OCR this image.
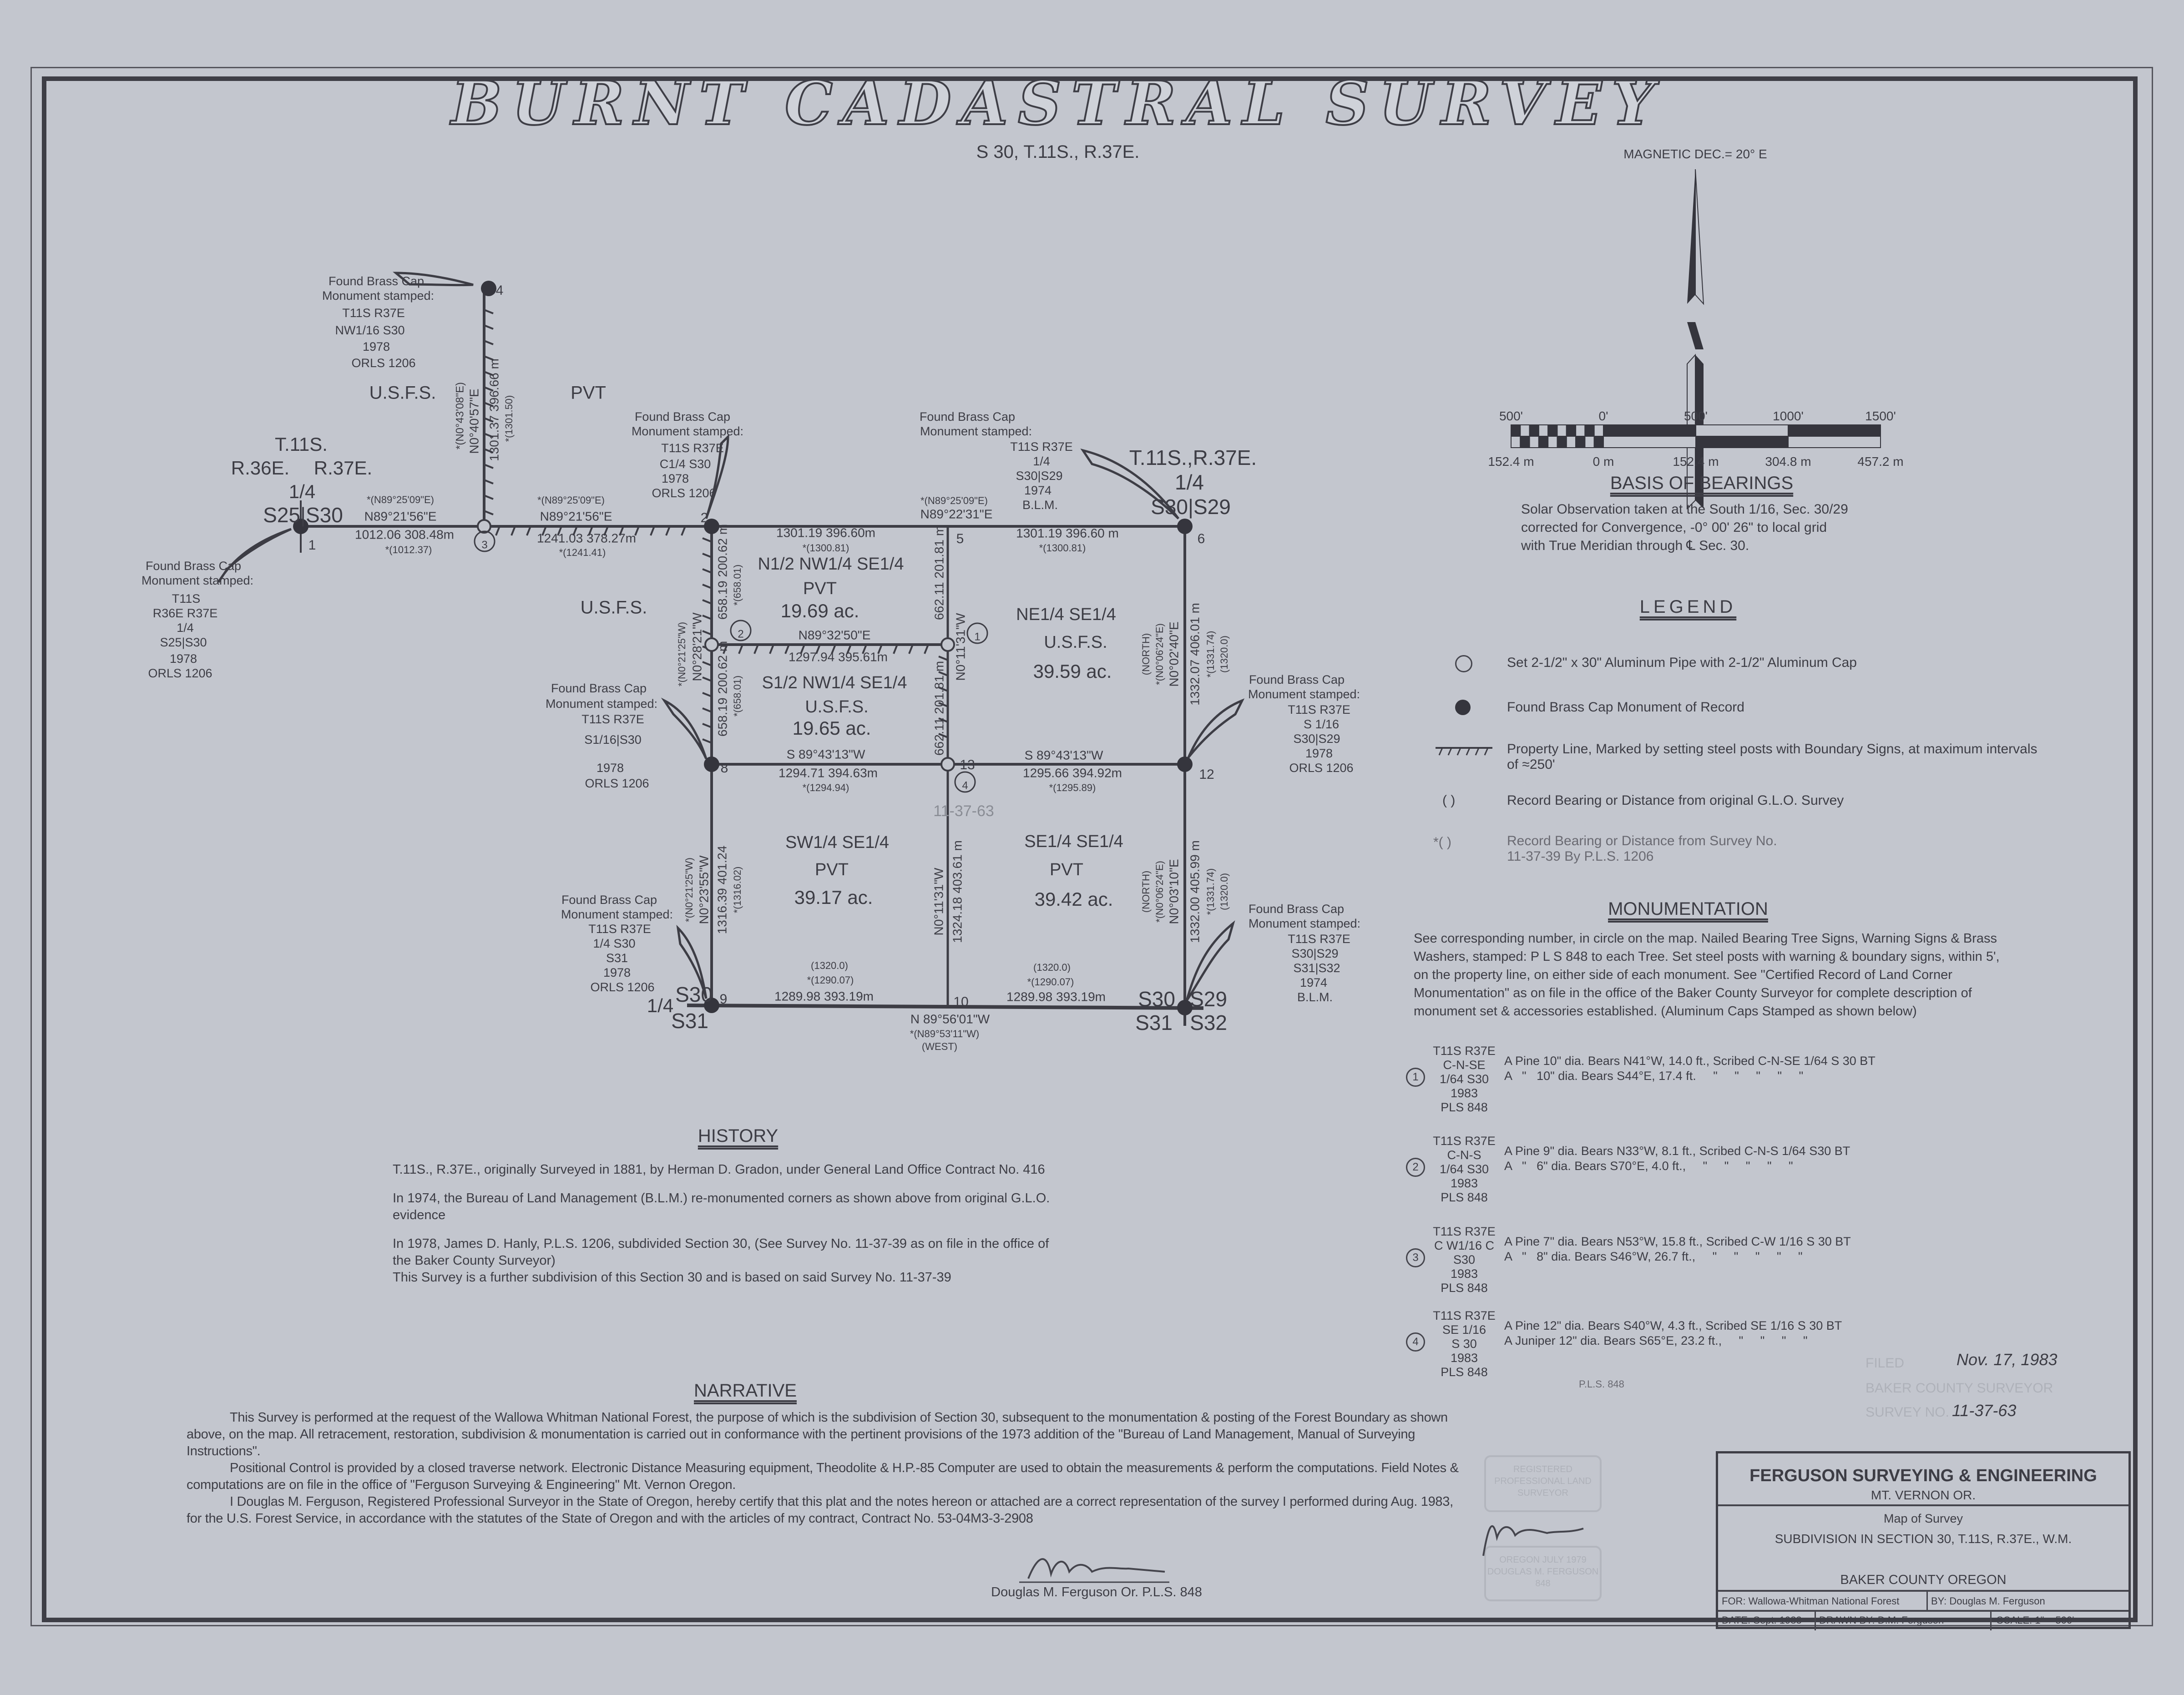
BURNT CADASTRAL SURVEY
S 30, T.11S., R.37E.
Found Brass Cap
Monument stamped:
T11S R37E
NW1/16 S30
1978
ORLS 1206
U.S.F.S.	PVT
*(N0°43'08"E) N0°40'57"E 1301.37 396.66 m *(1301.50)
T.11S.
R.36E. R.37E.
1/4
S25|S30
*(N89°25'09"E)
N89°21'56"E
1012.06 308.48m
*(1012.37)
*(N89°25'09"E)
N89°21'56"E
1241.03 378.27m
*(1241.41)
Found Brass Cap
Monument stamped:
T11S
R36E R37E
1/4
S25|S30
1978
ORLS 1206
Found Brass Cap
Monument stamped:
T11S R37E
C1/4 S30
1978
ORLS 1206
Found Brass Cap
Monument stamped:
T11S R37E
1/4
S30|S29
1974
B.L.M.
T.11S.,R.37E.
1/4
S30|S29
*(N89°25'09"E)
N89°22'31"E
1301.19 396.60m
*(1300.81)
1301.19 396.60 m
*(1300.81)
N1/2 NW1/4 SE1/4
PVT
19.69 ac.	NE1/4 SE1/4
U.S.F.S.
39.59 ac.
N89°32'50"E
1297.94 395.61m
S1/2 NW1/4 SE1/4
U.S.F.S.
19.65 ac.
S 89°43'13"W
1294.71 394.63m
*(1294.94)
S 89°43'13"W
1295.66 394.92m
*(1295.89)
U.S.F.S.	658.19 200.62 m *(658.01)
658.19 200.62 m *(658.01)
*(N0°21'25"W) N0°28'21"W
662.11 201.81 m
662.11 201.81 m
N0°11'31"W	1332.07 406.01 m *(1331.74) (1320.0)
(NORTH) *(N0°06'24"E) N0°02'40"E	Found Brass Cap
Monument stamped:
T11S R37E
S 1/16
S30|S29
1978
ORLS 1206
Found Brass Cap
Monument stamped:
T11S R37E
S1/16|S30
1978
ORLS 1206
SW1/4 SE1/4
PVT
39.17 ac.
SE1/4 SE1/4
PVT
39.42 ac.
(1320.0)
*(1290.07)
1289.98 393.19m
(1320.0)
*(1290.07)
1289.98 393.19m
N 89°56'01"W
*(N89°53'11"W)
(WEST)
1316.39 401.24 *(1316.02)
N0°23'55"W
*(N0°21'25"W)	1324.18 403.61 m
N0°11'31"W	1332.00 405.99 m *(1331.74) (1320.0)
(NORTH) *(N0°06'24"E) N0°03'10"E
Found Brass Cap
Monument stamped:
T11S R37E
1/4 S30
S31
1978
ORLS 1206 S30
1/4
S31
S30 S29
S31 S32
Found Brass Cap
Monument stamped:
T11S R37E
S30|S29
S31|S32
1974
B.L.M.
1
2
4
5	6
8
9	10
12
13
1
2
3
4
11-37-63
MAGNETIC DEC.= 20° E
500'
152.4 m
0'
0 m
500'
152.4 m
1000'
304.8 m
1500'
457.2 m
BASIS OF BEARINGS
Solar Observation taken at the South 1/16, Sec. 30/29
corrected for Convergence, -0° 00' 26" to local grid
with True Meridian through ℄ Sec. 30.
LEGEND
Set 2-1/2" x 30" Aluminum Pipe with 2-1/2" Aluminum Cap
Found Brass Cap Monument of Record
Property Line, Marked by setting steel posts with Boundary Signs, at maximum intervals of ≈250'
( )	Record Bearing or Distance from original G.L.O. Survey
*( )	Record Bearing or Distance from Survey No. 11-37-39 By P.L.S. 1206
MONUMENTATION
See corresponding number, in circle on the map. Nailed Bearing Tree Signs, Warning Signs & Brass Washers, stamped: P L S 848 to each Tree. Set steel posts with warning & boundary signs, within 5', on the property line, on either side of each monument. See "Certified Record of Land Corner Monumentation" as on file in the office of the Baker County Surveyor for complete description of monument set & accessories established. (Aluminum Caps Stamped as shown below)
1
T11S R37E
C-N-SE
1/64 S30
1983
PLS 848
A Pine 10" dia. Bears N41°W, 14.0 ft., Scribed C-N-SE 1/64 S 30 BT
A   "   10" dia. Bears S44°E, 17.4 ft.     "     "     "     "     "
2
T11S R37E
C-N-S
1/64 S30
1983
PLS 848
A Pine 9" dia. Bears N33°W, 8.1 ft., Scribed C-N-S 1/64 S30 BT
A   "   6" dia. Bears S70°E, 4.0 ft.,     "     "     "     "     "
3
T11S R37E
C W1/16 C
S30
1983
PLS 848
A Pine 7" dia. Bears N53°W, 15.8 ft., Scribed C-W 1/16 S 30 BT
A   "   8" dia. Bears S46°W, 26.7 ft.,     "     "     "     "     "
4
T11S R37E
SE 1/16
S 30
1983
PLS 848
A Pine 12" dia. Bears S40°W, 4.3 ft., Scribed SE 1/16 S 30 BT
A Juniper 12" dia. Bears S65°E, 23.2 ft.,     "     "     "     "
FILED	Nov. 17, 1983
BAKER COUNTY SURVEYOR
SURVEY NO. 11-37-63
HISTORY

T.11S., R.37E., originally Surveyed in 1881, by Herman D. Gradon, under General Land Office Contract No. 416

In 1974, the Bureau of Land Management (B.L.M.) re-monumented corners as shown above from original G.L.O. evidence

In 1978, James D. Hanly, P.L.S. 1206, subdivided Section 30, (See Survey No. 11-37-39 as on file in the office of the Baker County Surveyor)

This Survey is a further subdivision of this Section 30 and is based on said Survey No. 11-37-39

NARRATIVE

This Survey is performed at the request of the Wallowa Whitman National Forest, the purpose of which is the subdivision of Section 30, subsequent to the monumentation & posting of the Forest Boundary as shown above, on the map. All retracement, restoration, subdivision & monumentation is carried out in conformance with the pertinent provisions of the 1973 addition of the "Bureau of Land Management, Manual of Surveying Instructions".

Positional Control is provided by a closed traverse network. Electronic Distance Measuring equipment, Theodolite & H.P.-85 Computer are used to obtain the measurements & perform the computations. Field Notes & computations are on file in the office of "Ferguson Surveying & Engineering" Mt. Vernon Oregon.

I Douglas M. Ferguson, Registered Professional Surveyor in the State of Oregon, hereby certify that this plat and the notes hereon or attached are a correct representation of the survey I performed during Aug. 1983, for the U.S. Forest Service, in accordance with the statutes of the State of Oregon and with the articles of my contract, Contract No. 53-04M3-3-2908

Douglas M. Ferguson Or. P.L.S. 848
P.L.S. 848
REGISTERED PROFESSIONAL LAND SURVEYOR
OREGON JULY 1979 DOUGLAS M. FERGUSON 848
FERGUSON SURVEYING & ENGINEERING
MT. VERNON OR.
Map of Survey
SUBDIVISION IN SECTION 30, T.11S, R.37E., W.M.
BAKER COUNTY OREGON
FOR: Wallowa-Whitman National Forest	BY: Douglas M. Ferguson
DATE: Sept. 1983 DRAWN BY: D.M. Ferguson	SCALE: 1" = 500'
